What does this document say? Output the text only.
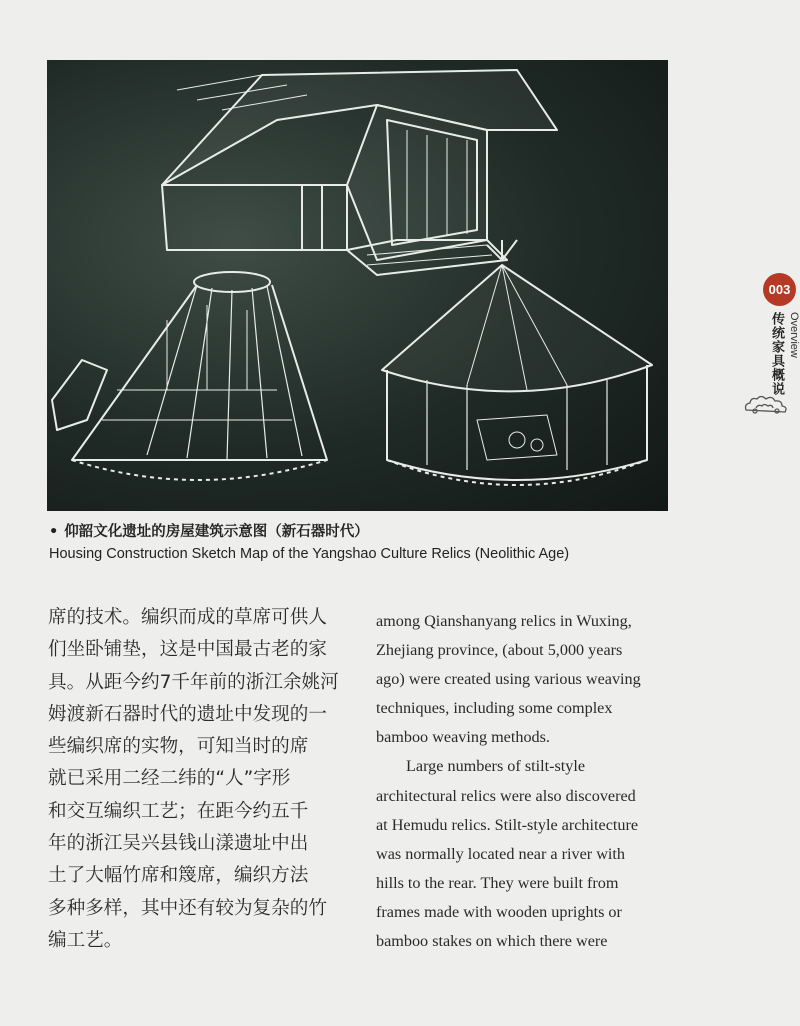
• 仰韶文化遗址的房屋建筑示意图（新石器时代）
Housing Construction Sketch Map of the Yangshao Culture Relics (Neolithic Age)
席的技术。编织而成的草席可供人
们坐卧铺垫，这是中国最古老的家
具。从距今约7千年前的浙江余姚河
姆渡新石器时代的遗址中发现的一
些编织席的实物，可知当时的席
就已采用二经二纬的“人”字形
和交互编织工艺；在距今约五千
年的浙江吴兴县钱山漾遗址中出
土了大幅竹席和篾席，编织方法
多种多样，其中还有较为复杂的竹
编工艺。
among Qianshanyang relics in Wuxing,
Zhejiang province, (about 5,000 years
ago) were created using various weaving
techniques, including some complex
bamboo weaving methods.
Large numbers of stilt-style
architectural relics were also discovered
at Hemudu relics. Stilt-style architecture
was normally located near a river with
hills to the rear. They were built from
frames made with wooden uprights or
bamboo stakes on which there were
003
Overview
传统家具概说
